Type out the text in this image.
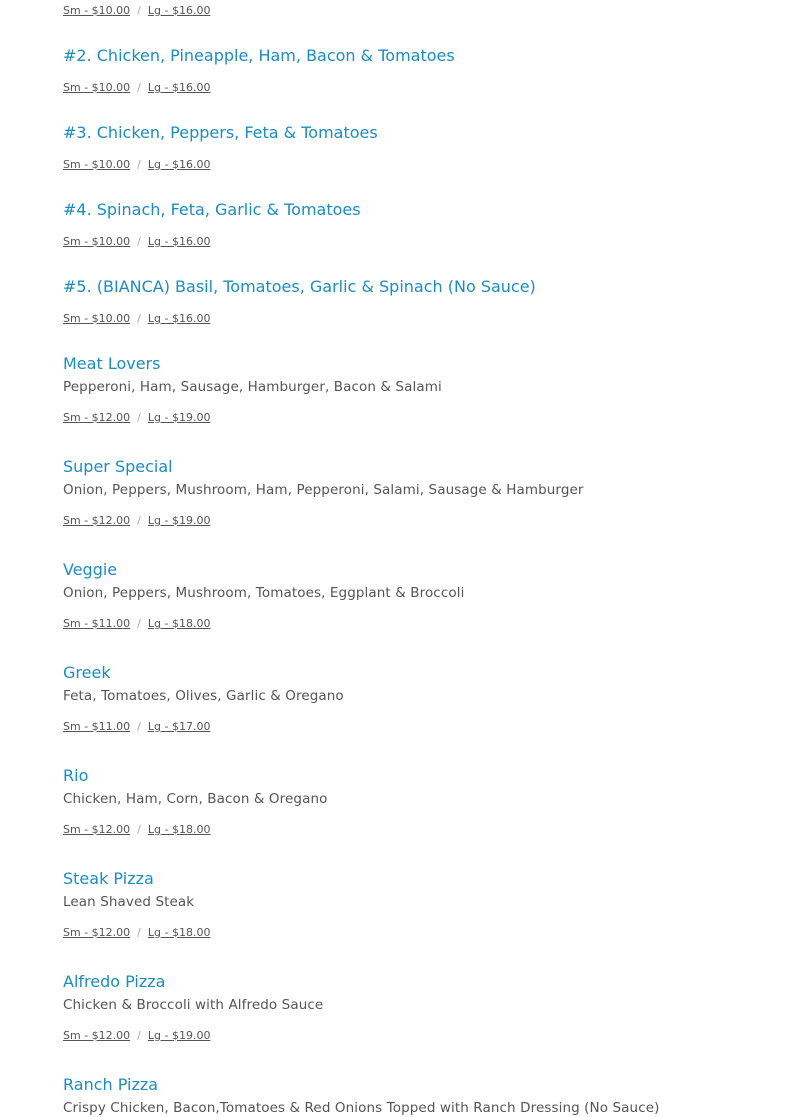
Sm - $10.00 / Lg - $16.00
#2. Chicken, Pineapple, Ham, Bacon & Tomatoes
Sm - $10.00 / Lg - $16.00
#3. Chicken, Peppers, Feta & Tomatoes
Sm - $10.00 / Lg - $16.00
#4. Spinach, Feta, Garlic & Tomatoes
Sm - $10.00 / Lg - $16.00
#5. (BIANCA) Basil, Tomatoes, Garlic & Spinach (No Sauce)
Sm - $10.00 / Lg - $16.00
Meat Lovers
Pepperoni, Ham, Sausage, Hamburger, Bacon & Salami
Sm - $12.00 / Lg - $19.00
Super Special
Onion, Peppers, Mushroom, Ham, Pepperoni, Salami, Sausage & Hamburger
Sm - $12.00 / Lg - $19.00
Veggie
Onion, Peppers, Mushroom, Tomatoes, Eggplant & Broccoli
Sm - $11.00 / Lg - $18.00
Greek
Feta, Tomatoes, Olives, Garlic & Oregano
Sm - $11.00 / Lg - $17.00
Rio
Chicken, Ham, Corn, Bacon & Oregano
Sm - $12.00 / Lg - $18.00
Steak Pizza
Lean Shaved Steak
Sm - $12.00 / Lg - $18.00
Alfredo Pizza
Chicken & Broccoli with Alfredo Sauce
Sm - $12.00 / Lg - $19.00
Ranch Pizza
Crispy Chicken, Bacon,Tomatoes & Red Onions Topped with Ranch Dressing (No Sauce)
